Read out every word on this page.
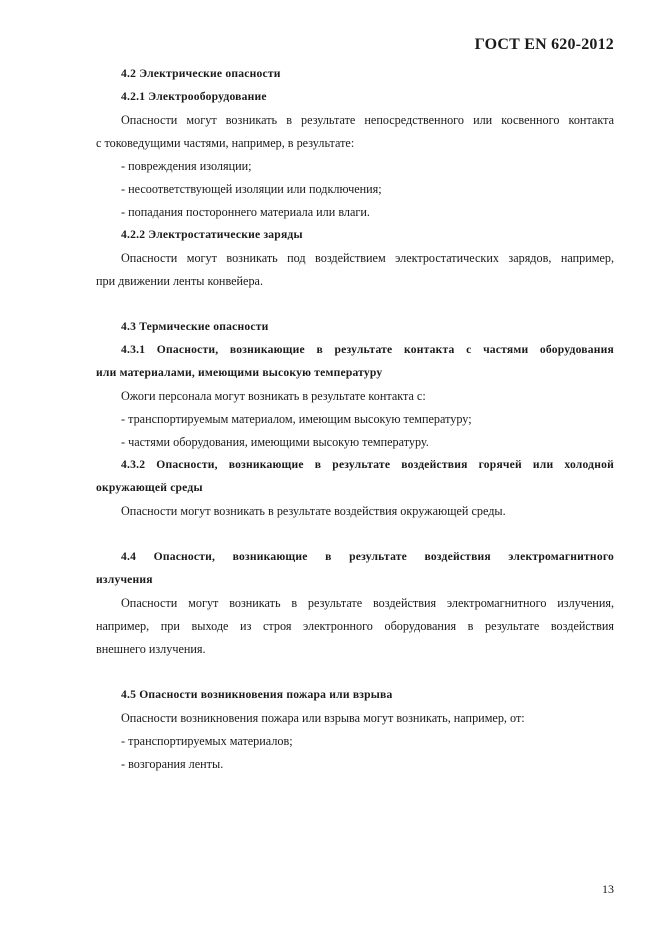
ГОСТ EN 620-2012
4.2 Электрические опасности
4.2.1 Электрооборудование
Опасности могут возникать в результате непосредственного или косвенного контакта
с токоведущими частями, например, в результате:
- повреждения изоляции;
- несоответствующей изоляции или подключения;
- попадания постороннего материала или влаги.
4.2.2 Электростатические заряды
Опасности могут возникать под воздействием электростатических зарядов, например,
при движении ленты конвейера.
4.3 Термические опасности
4.3.1 Опасности, возникающие в результате контакта с частями оборудования
или материалами, имеющими высокую температуру
Ожоги персонала могут возникать в результате контакта с:
- транспортируемым материалом, имеющим высокую температуру;
- частями оборудования, имеющими высокую температуру.
4.3.2 Опасности, возникающие в результате воздействия горячей или холодной
окружающей среды
Опасности могут возникать в результате воздействия окружающей среды.
4.4 Опасности, возникающие в результате воздействия электромагнитного
излучения
Опасности могут возникать в результате воздействия электромагнитного излучения,
например, при выходе из строя электронного оборудования в результате воздействия
внешнего излучения.
4.5 Опасности возникновения пожара или взрыва
Опасности возникновения пожара или взрыва могут возникать, например, от:
- транспортируемых материалов;
- возгорания ленты.
13
